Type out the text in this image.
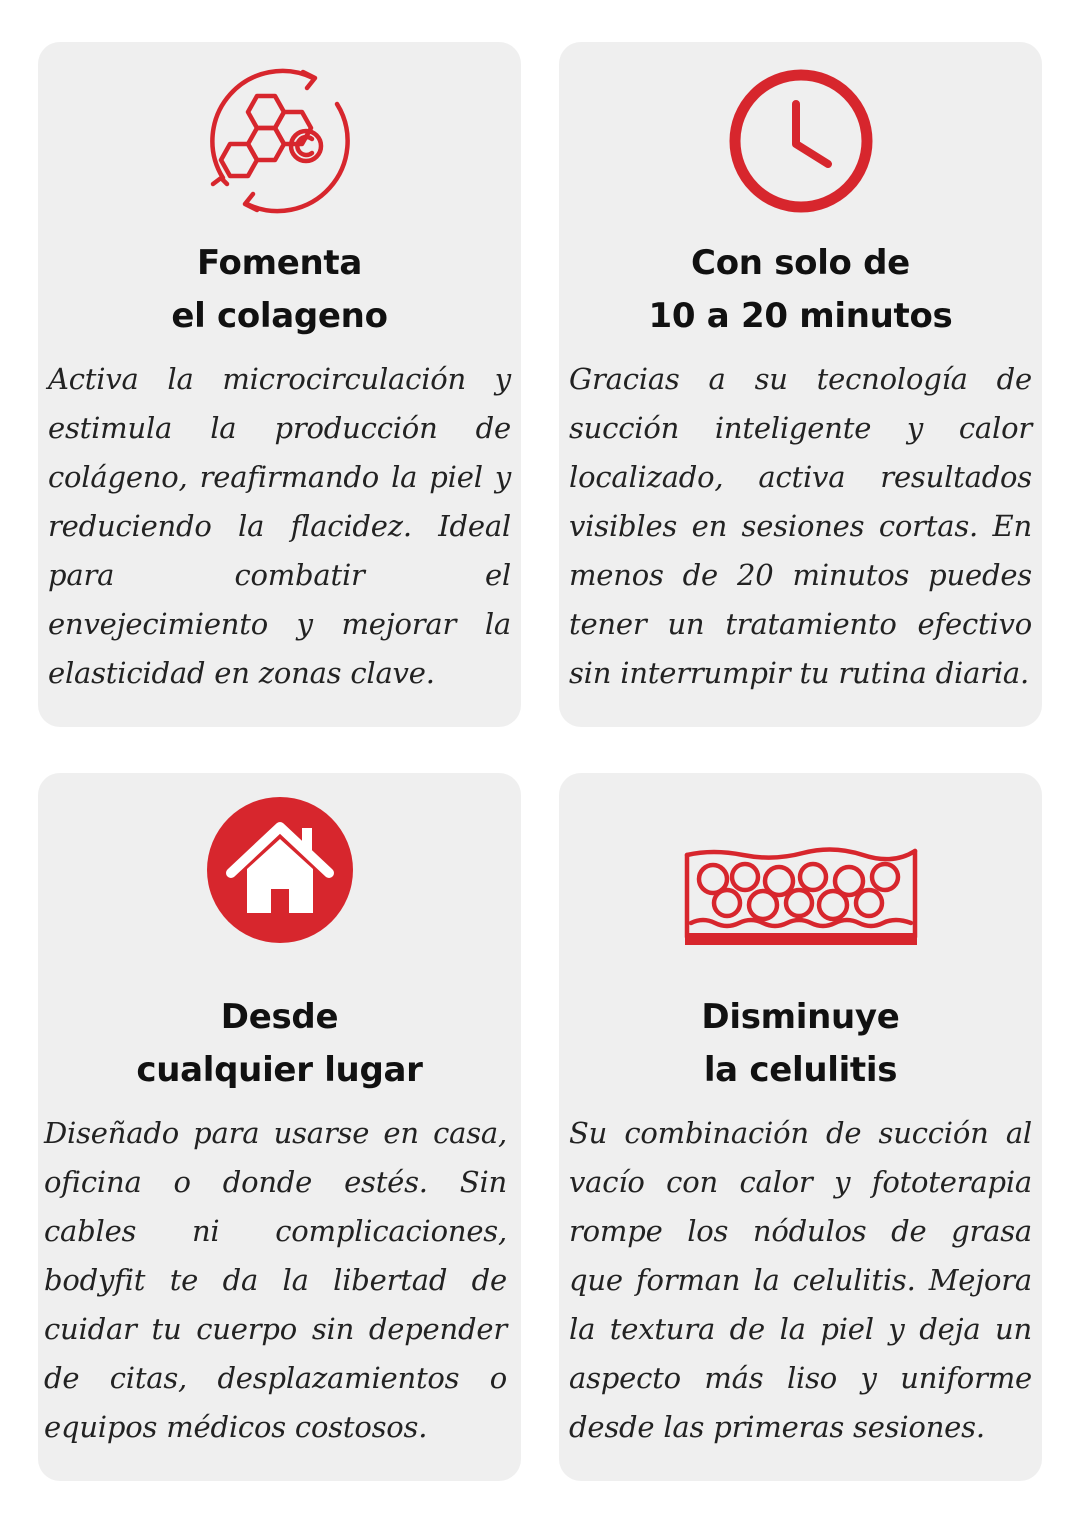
Fomenta
el colageno

Activa la microcirculación y estimula la producción de colágeno, reafirmando la piel y reduciendo la flacidez. Ideal para combatir el envejecimiento y mejorar la elasticidad en zonas clave.

Con solo de
10 a 20 minutos

Gracias a su tecnología de succión inteligente y calor localizado, activa resultados visibles en sesiones cortas. En menos de 20 minutos puedes tener un tratamiento efectivo sin interrumpir tu rutina diaria.

Desde
cualquier lugar

Diseñado para usarse en casa, oficina o donde estés. Sin cables ni complicaciones, bodyfit te da la libertad de cuidar tu cuerpo sin depender de citas, desplazamientos o equipos médicos costosos.

Disminuye
la celulitis

Su combinación de succión al vacío con calor y fototerapia rompe los nódulos de grasa que forman la celulitis. Mejora la textura de la piel y deja un aspecto más liso y uniforme desde las primeras sesiones.
